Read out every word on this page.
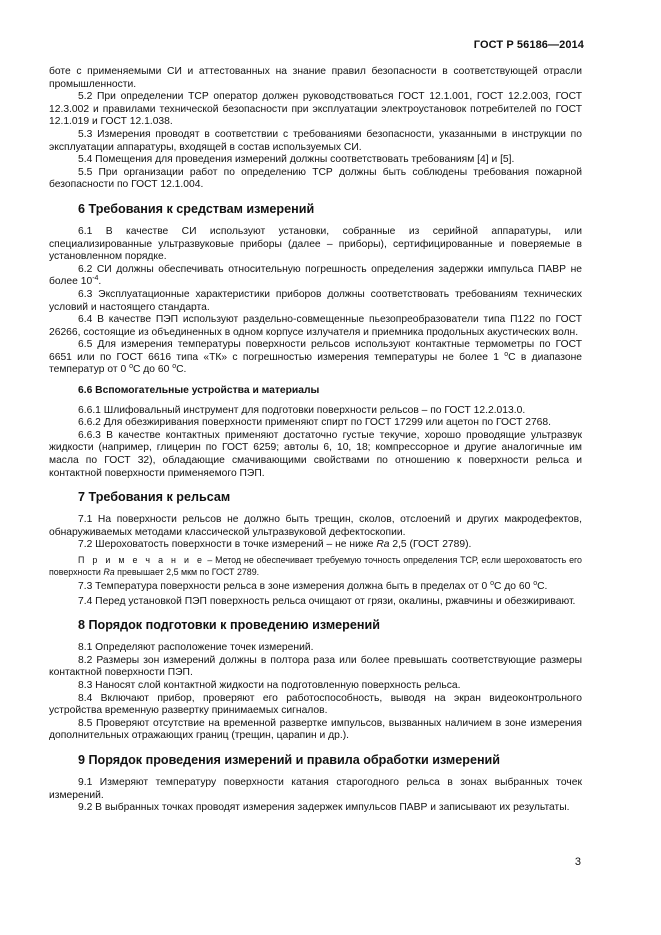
ГОСТ Р 56186—2014

боте с применяемыми СИ и аттестованных на знание правил безопасности в соответствующей отрасли промышленности.

5.2 При определении ТСР оператор должен руководствоваться ГОСТ 12.1.001, ГОСТ 12.2.003, ГОСТ 12.3.002 и правилами технической безопасности при эксплуатации электроустановок потребителей по ГОСТ 12.1.019 и ГОСТ 12.1.038.

5.3 Измерения проводят в соответствии с требованиями безопасности, указанными в инструкции по эксплуатации аппаратуры, входящей в состав используемых СИ.

5.4 Помещения для проведения измерений должны соответствовать требованиям [4] и [5].

5.5 При организации работ по определению ТСР должны быть соблюдены требования пожарной безопасности по ГОСТ 12.1.004.

6 Требования к средствам измерений

6.1 В качестве СИ используют установки, собранные из серийной аппаратуры, или специализированные ультразвуковые приборы (далее – приборы), сертифицированные и поверяемые в установленном порядке.

6.2 СИ должны обеспечивать относительную погрешность определения задержки импульса ПАВР не более $10^{-4}$.

6.3 Эксплуатационные характеристики приборов должны соответствовать требованиям технических условий и настоящего стандарта.

6.4 В качестве ПЭП используют раздельно-совмещенные пьезопреобразователи типа П122 по ГОСТ 26266, состоящие из объединенных в одном корпусе излучателя и приемника продольных акустических волн.

6.5 Для измерения температуры поверхности рельсов используют контактные термометры по ГОСТ 6651 или по ГОСТ 6616 типа «ТК» с погрешностью измерения температуры не более 1 $^о$С в диапазоне температур от 0 $^о$С до 60 $^о$С.

6.6 Вспомогательные устройства и материалы

6.6.1 Шлифовальный инструмент для подготовки поверхности рельсов – по ГОСТ 12.2.013.0.

6.6.2 Для обезжиривания поверхности применяют спирт по ГОСТ 17299 или ацетон по ГОСТ 2768.

6.6.3 В качестве контактных применяют достаточно густые текучие, хорошо проводящие ультразвук жидкости (например, глицерин по ГОСТ 6259; автолы 6, 10, 18; компрессорное и другие аналогичные им масла по ГОСТ 32), обладающие смачивающими свойствами по отношению к поверхности рельса и контактной поверхности применяемого ПЭП.

7 Требования к рельсам

7.1 На поверхности рельсов не должно быть трещин, сколов, отслоений и других макродефектов, обнаруживаемых методами классической ультразвуковой дефектоскопии.

7.2 Шероховатость поверхности в точке измерений – не ниже Ra 2,5 (ГОСТ 2789).

П р и м е ч а н и е – Метод не обеспечивает требуемую точность определения ТСР, если шероховатость его поверхности Ra превышает 2,5 мкм по ГОСТ 2789.

7.3 Температура поверхности рельса в зоне измерения должна быть в пределах от 0 $^о$С до 60 $^о$С.

7.4 Перед установкой ПЭП поверхность рельса очищают от грязи, окалины, ржавчины и обезжиривают.

8 Порядок подготовки к проведению измерений

8.1 Определяют расположение точек измерений.

8.2 Размеры зон измерений должны в полтора раза или более превышать соответствующие размеры контактной поверхности ПЭП.

8.3 Наносят слой контактной жидкости на подготовленную поверхность рельса.

8.4 Включают прибор, проверяют его работоспособность, выводя на экран видеоконтрольного устройства временную развертку принимаемых сигналов.

8.5 Проверяют отсутствие на временной развертке импульсов, вызванных наличием в зоне измерения дополнительных отражающих границ (трещин, царапин и др.).

9 Порядок проведения измерений и правила обработки измерений

9.1 Измеряют температуру поверхности катания старогодного рельса в зонах выбранных точек измерений.

9.2 В выбранных точках проводят измерения задержек импульсов ПАВР и записывают их результаты.

3
